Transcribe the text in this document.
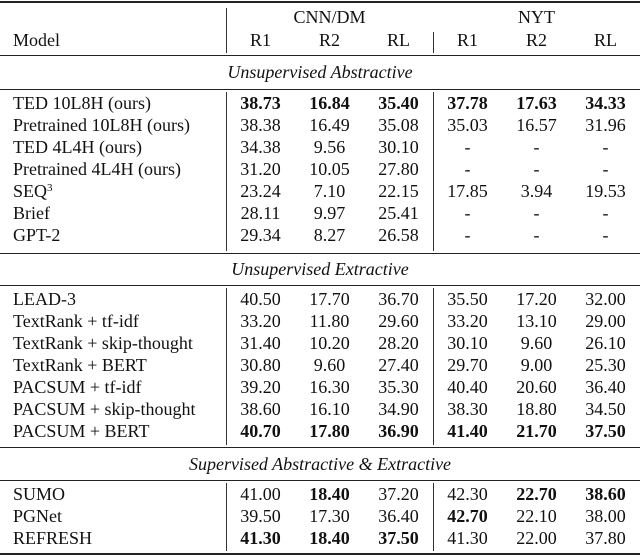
CNN/DM	NYT
Model	R1	R2	RL	R1	R2	RL
Unsupervised Abstractive
TED 10L8H (ours)	38.73	16.84	35.40	37.78	17.63	34.33
Pretrained 10L8H (ours)	38.38	16.49	35.08	35.03	16.57	31.96
TED 4L4H (ours)	34.38	9.56	30.10	-	-	-
Pretrained 4L4H (ours)	31.20	10.05	27.80	-	-	-
SEQ$^3$	23.24	7.10	22.15	17.85	3.94	19.53
Brief	28.11	9.97	25.41	-	-	-
GPT-2	29.34	8.27	26.58	-	-	-
Unsupervised Extractive
LEAD-3	40.50	17.70	36.70	35.50	17.20	32.00
TextRank + tf-idf	33.20	11.80	29.60	33.20	13.10	29.00
TextRank + skip-thought	31.40	10.20	28.20	30.10	9.60	26.10
TextRank + BERT	30.80	9.60	27.40	29.70	9.00	25.30
PACSUM + tf-idf	39.20	16.30	35.30	40.40	20.60	36.40
PACSUM + skip-thought	38.60	16.10	34.90	38.30	18.80	34.50
PACSUM + BERT	40.70	17.80	36.90	41.40	21.70	37.50
Supervised Abstractive & Extractive
SUMO	41.00	18.40	37.20	42.30	22.70	38.60
PGNet	39.50	17.30	36.40	42.70	22.10	38.00
REFRESH	41.30	18.40	37.50	41.30	22.00	37.80
